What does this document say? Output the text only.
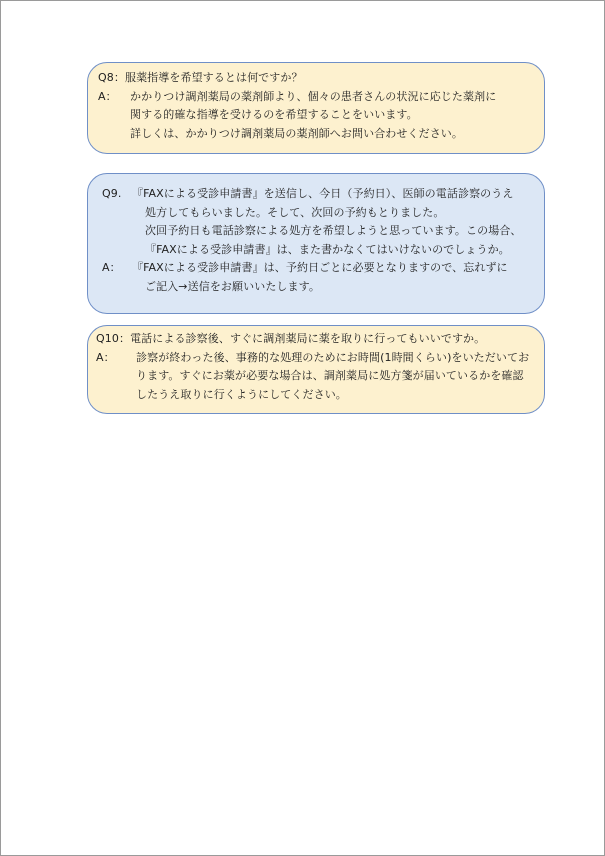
Q8：服薬指導を希望するとは何ですか？
A： かかりつけ調剤薬局の薬剤師より、個々の患者さんの状況に応じた薬剤に
関する的確な指導を受けるのを希望することをいいます。
詳しくは、かかりつけ調剤薬局の薬剤師へお問い合わせください。
Q9. 『FAXによる受診申請書』を送信し、今日（予約日）、医師の電話診察のうえ
処方してもらいました。そして、次回の予約もとりました。
次回予約日も電話診察による処方を希望しようと思っています。この場合、
『FAXによる受診申請書』は、また書かなくてはいけないのでしょうか。
A： 『FAXによる受診申請書』は、予約日ごとに必要となりますので、忘れずに
ご記入→送信をお願いいたします。
Q10：電話による診察後、すぐに調剤薬局に薬を取りに行ってもいいですか。
A： 診察が終わった後、事務的な処理のためにお時間(1時間くらい)をいただいてお
ります。すぐにお薬が必要な場合は、調剤薬局に処方箋が届いているかを確認
したうえ取りに行くようにしてください。
